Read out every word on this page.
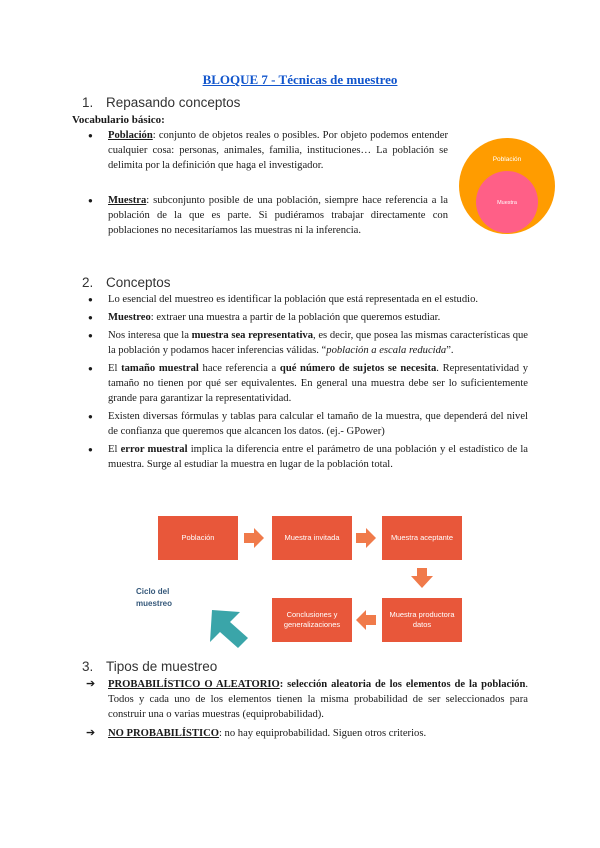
BLOQUE 7 - Técnicas de muestreo
1. Repasando conceptos
Vocabulario básico:
● Población: conjunto de objetos reales o posibles. Por objeto podemos entender cualquier cosa: personas, animales, familia, instituciones… La población se delimita por la definición que haga el investigador.
● Muestra: subconjunto posible de una población, siempre hace referencia a la población de la que es parte. Si pudiéramos trabajar directamente con poblaciones no necesitaríamos las muestras ni la inferencia.
Población
Muestra
2. Conceptos
● Lo esencial del muestreo es identificar la población que está representada en el estudio.
● Muestreo: extraer una muestra a partir de la población que queremos estudiar.
● Nos interesa que la muestra sea representativa, es decir, que posea las mismas características que la población y podamos hacer inferencias válidas. “población a escala reducida”.
● El tamaño muestral hace referencia a qué número de sujetos se necesita. Representatividad y tamaño no tienen por qué ser equivalentes. En general una muestra debe ser lo suficientemente grande para garantizar la representatividad.
● Existen diversas fórmulas y tablas para calcular el tamaño de la muestra, que dependerá del nivel de confianza que queremos que alcancen los datos. (ej.- GPower)
● El error muestral implica la diferencia entre el parámetro de una población y el estadístico de la muestra. Surge al estudiar la muestra en lugar de la población total.
Población	Muestra invitada	Muestra aceptante
Muestra productora datos
Conclusiones y generalizaciones
Ciclo del
muestreo
3. Tipos de muestreo
➔ PROBABILÍSTICO O ALEATORIO: selección aleatoria de los elementos de la población. Todos y cada uno de los elementos tienen la misma probabilidad de ser seleccionados para construir una o varias muestras (equiprobabilidad).
➔ NO PROBABILÍSTICO: no hay equiprobabilidad. Siguen otros criterios.
